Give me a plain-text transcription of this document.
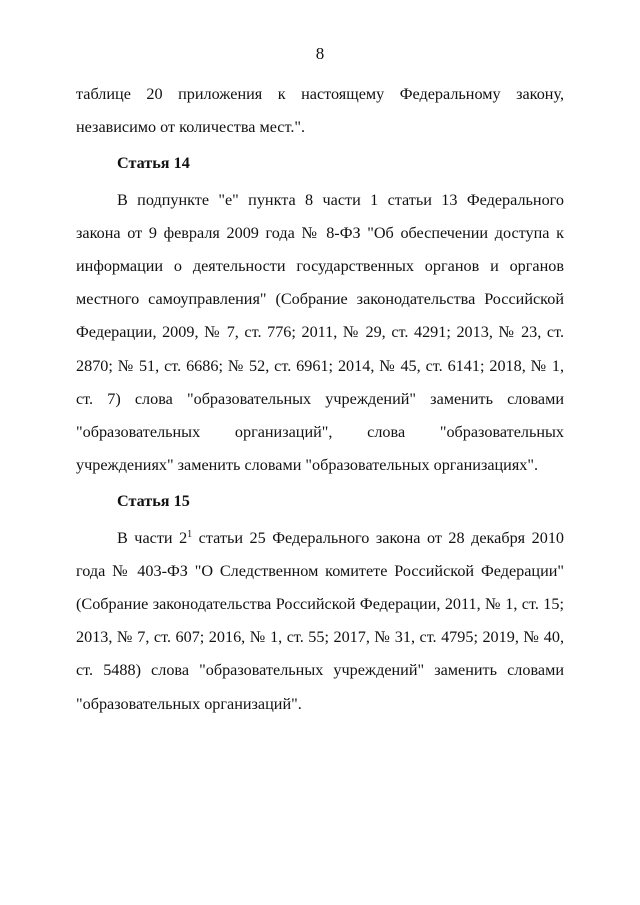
8

таблице 20 приложения к настоящему Федеральному закону, независимо от количества мест.".

Статья 14

В подпункте "е" пункта 8 части 1 статьи 13 Федерального закона от 9 февраля 2009 года № 8-ФЗ "Об обеспечении доступа к информации о деятельности государственных органов и органов местного самоуправления" (Собрание законодательства Российской Федерации, 2009, № 7, ст. 776; 2011, № 29, ст. 4291; 2013, № 23, ст. 2870; № 51, ст. 6686; № 52, ст. 6961; 2014, № 45, ст. 6141; 2018, № 1, ст. 7) слова "образовательных учреждений" заменить словами "образовательных организаций", слова "образовательных учреждениях" заменить словами "образовательных организациях".

Статья 15

В части $2^1$ статьи 25 Федерального закона от 28 декабря 2010 года № 403-ФЗ "О Следственном комитете Российской Федерации" (Собрание законодательства Российской Федерации, 2011, № 1, ст. 15; 2013, № 7, ст. 607; 2016, № 1, ст. 55; 2017, № 31, ст. 4795; 2019, № 40, ст. 5488) слова "образовательных учреждений" заменить словами "образовательных организаций".
